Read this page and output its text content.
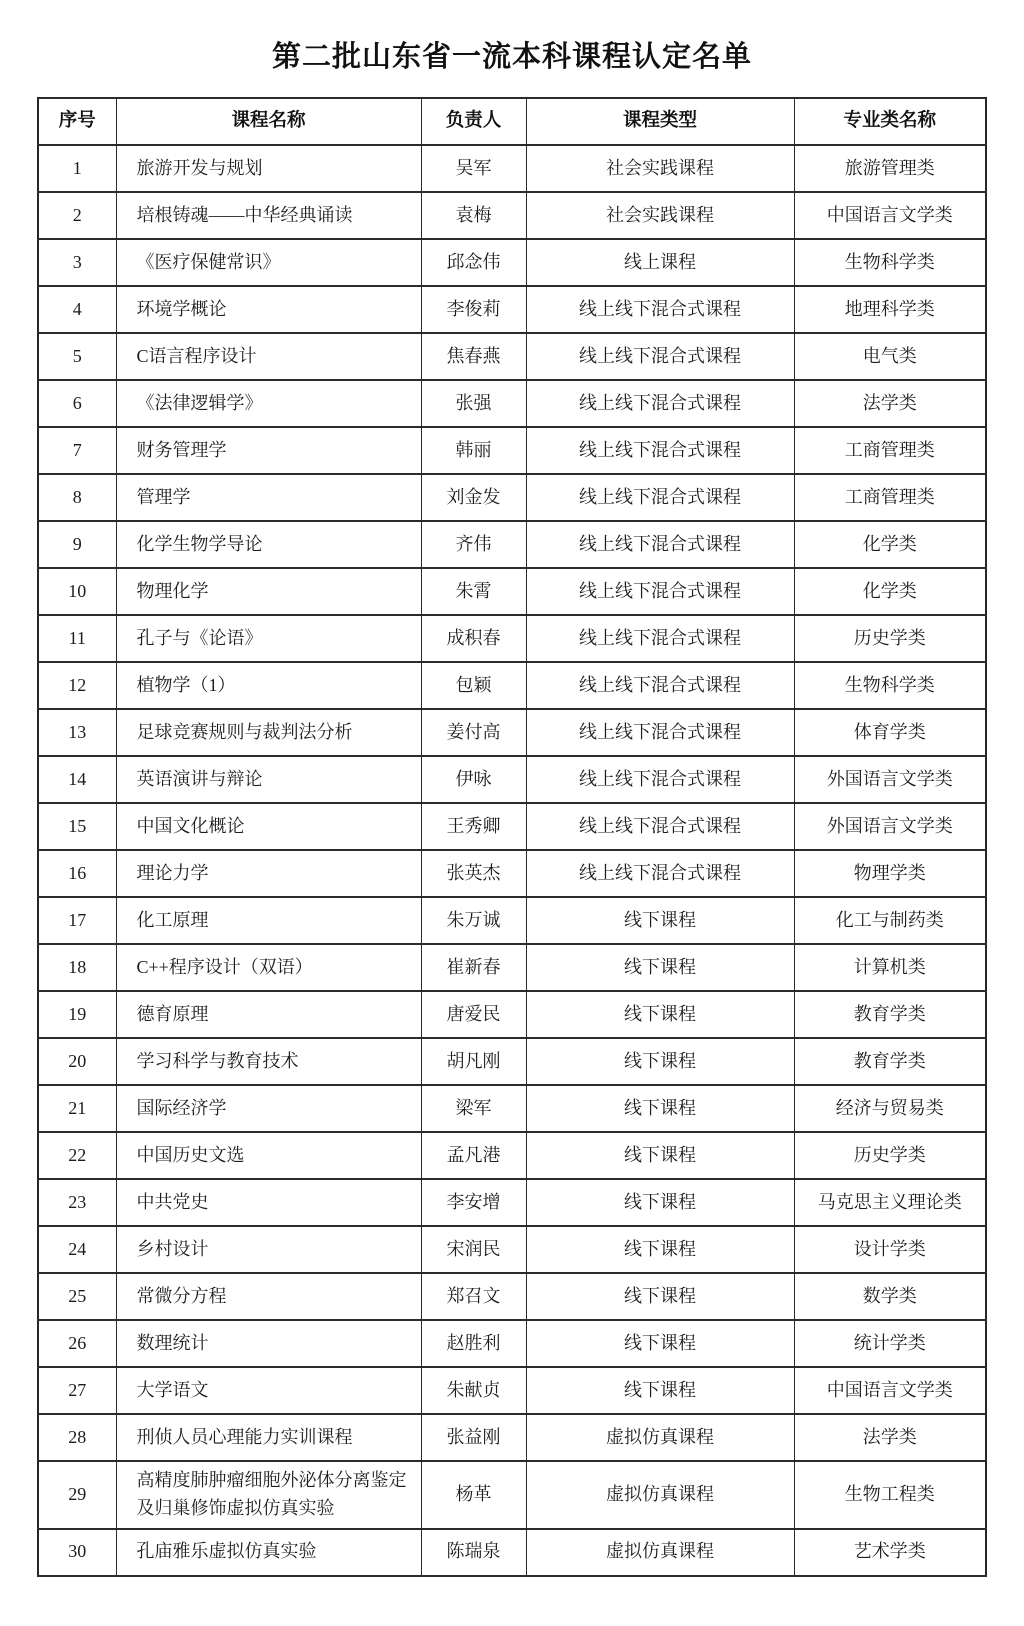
第二批山东省一流本科课程认定名单
序号	课程名称	负责人	课程类型	专业类名称
1	旅游开发与规划	吴军	社会实践课程	旅游管理类
2	培根铸魂——中华经典诵读	袁梅	社会实践课程	中国语言文学类
3	《医疗保健常识》	邱念伟	线上课程	生物科学类
4	环境学概论	李俊莉	线上线下混合式课程	地理科学类
5	C语言程序设计	焦春燕	线上线下混合式课程	电气类
6	《法律逻辑学》	张强	线上线下混合式课程	法学类
7	财务管理学	韩丽	线上线下混合式课程	工商管理类
8	管理学	刘金发	线上线下混合式课程	工商管理类
9	化学生物学导论	齐伟	线上线下混合式课程	化学类
10	物理化学	朱霄	线上线下混合式课程	化学类
11	孔子与《论语》	成积春	线上线下混合式课程	历史学类
12	植物学（1）	包颖	线上线下混合式课程	生物科学类
13	足球竞赛规则与裁判法分析	姜付高	线上线下混合式课程	体育学类
14	英语演讲与辩论	伊咏	线上线下混合式课程	外国语言文学类
15	中国文化概论	王秀卿	线上线下混合式课程	外国语言文学类
16	理论力学	张英杰	线上线下混合式课程	物理学类
17	化工原理	朱万诚	线下课程	化工与制药类
18	C++程序设计（双语）	崔新春	线下课程	计算机类
19	德育原理	唐爱民	线下课程	教育学类
20	学习科学与教育技术	胡凡刚	线下课程	教育学类
21	国际经济学	梁军	线下课程	经济与贸易类
22	中国历史文选	孟凡港	线下课程	历史学类
23	中共党史	李安增	线下课程	马克思主义理论类
24	乡村设计	宋润民	线下课程	设计学类
25	常微分方程	郑召文	线下课程	数学类
26	数理统计	赵胜利	线下课程	统计学类
27	大学语文	朱献贞	线下课程	中国语言文学类
28	刑侦人员心理能力实训课程	张益刚	虚拟仿真课程	法学类
29	高精度肺肿瘤细胞外泌体分离鉴定及归巢修饰虚拟仿真实验	杨革	虚拟仿真课程	生物工程类
30	孔庙雅乐虚拟仿真实验	陈瑞泉	虚拟仿真课程	艺术学类
